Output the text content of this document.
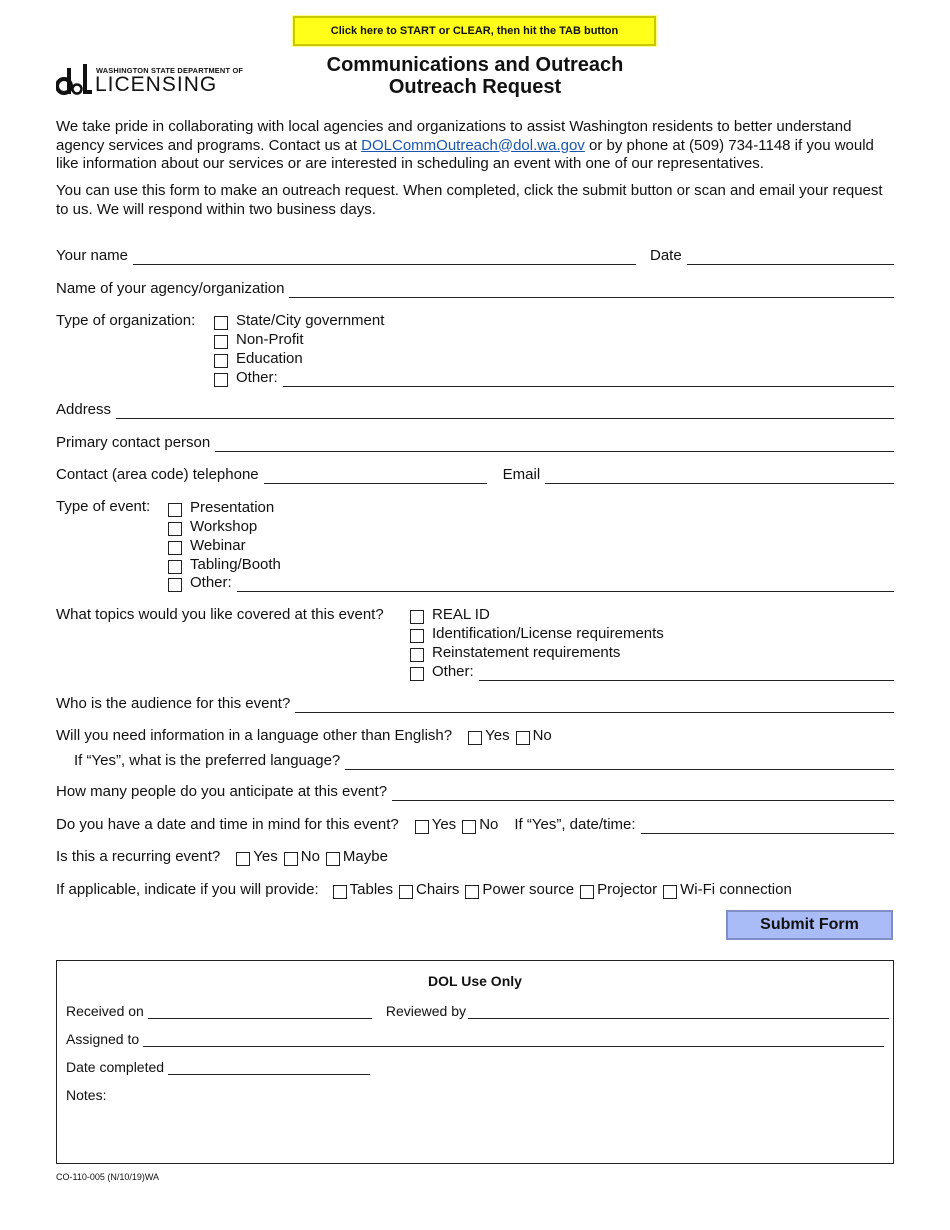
Click here to START or CLEAR, then hit the TAB button
WASHINGTON STATE DEPARTMENT OF
LICENSING
Communications and Outreach
Outreach Request
We take pride in collaborating with local agencies and organizations to assist Washington residents to better understand agency services and programs. Contact us at DOLCommOutreach@dol.wa.gov or by phone at (509) 734-1148 if you would like information about our services or are interested in scheduling an event with one of our representatives.
You can use this form to make an outreach request. When completed, click the submit button or scan and email your request to us. We will respond within two business days.
Your name	Date
Name of your agency/organization
Type of organization:	State/City government
Non-Profit
Education
Other:
Address
Primary contact person
Contact (area code) telephone	Email
Type of event:	Presentation
Workshop
Webinar
Tabling/Booth
Other:
What topics would you like covered at this event?	REAL ID
Identification/License requirements
Reinstatement requirements
Other:
Who is the audience for this event?
Will you need information in a language other than English? Yes No
If “Yes”, what is the preferred language?
How many people do you anticipate at this event?
Do you have a date and time in mind for this event? Yes No If “Yes”, date/time:
Is this a recurring event? Yes No Maybe
If applicable, indicate if you will provide: Tables Chairs Power source Projector Wi-Fi connection
Submit Form
DOL Use Only
Received on	Reviewed by
Assigned to
Date completed
Notes:
CO-110-005 (N/10/19)WA
